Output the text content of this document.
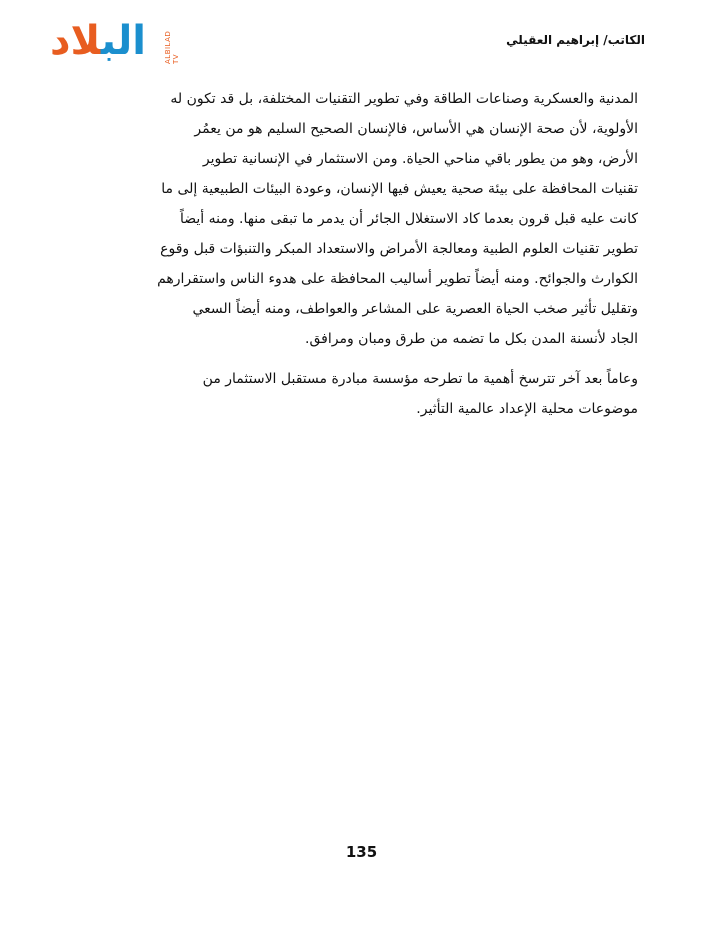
البلاد	ALBILAD TV
الكاتب/ إبراهيم العقيلي
المدنية والعسكرية وصناعات الطاقة وفي تطوير التقنيات المختلفة، بل قد تكون له
الأولوية، لأن صحة الإنسان هي الأساس، فالإنسان الصحيح السليم هو من يعمُر
الأرض، وهو من يطور باقي مناحي الحياة. ومن الاستثمار في الإنسانية تطوير
تقنيات المحافظة على بيئة صحية يعيش فيها الإنسان، وعودة البيئات الطبيعية إلى ما
كانت عليه قبل قرون بعدما كاد الاستغلال الجائر أن يدمر ما تبقى منها. ومنه أيضاً
تطوير تقنيات العلوم الطبية ومعالجة الأمراض والاستعداد المبكر والتنبؤات قبل وقوع
الكوارث والجوائح. ومنه أيضاً تطوير أساليب المحافظة على هدوء الناس واستقرارهم
وتقليل تأثير صخب الحياة العصرية على المشاعر والعواطف، ومنه أيضاً السعي
الجاد لأنسنة المدن بكل ما تضمه من طرق ومبان ومرافق.
وعاماً بعد آخر تترسخ أهمية ما تطرحه مؤسسة مبادرة مستقبل الاستثمار من
موضوعات محلية الإعداد عالمية التأثير.
135
